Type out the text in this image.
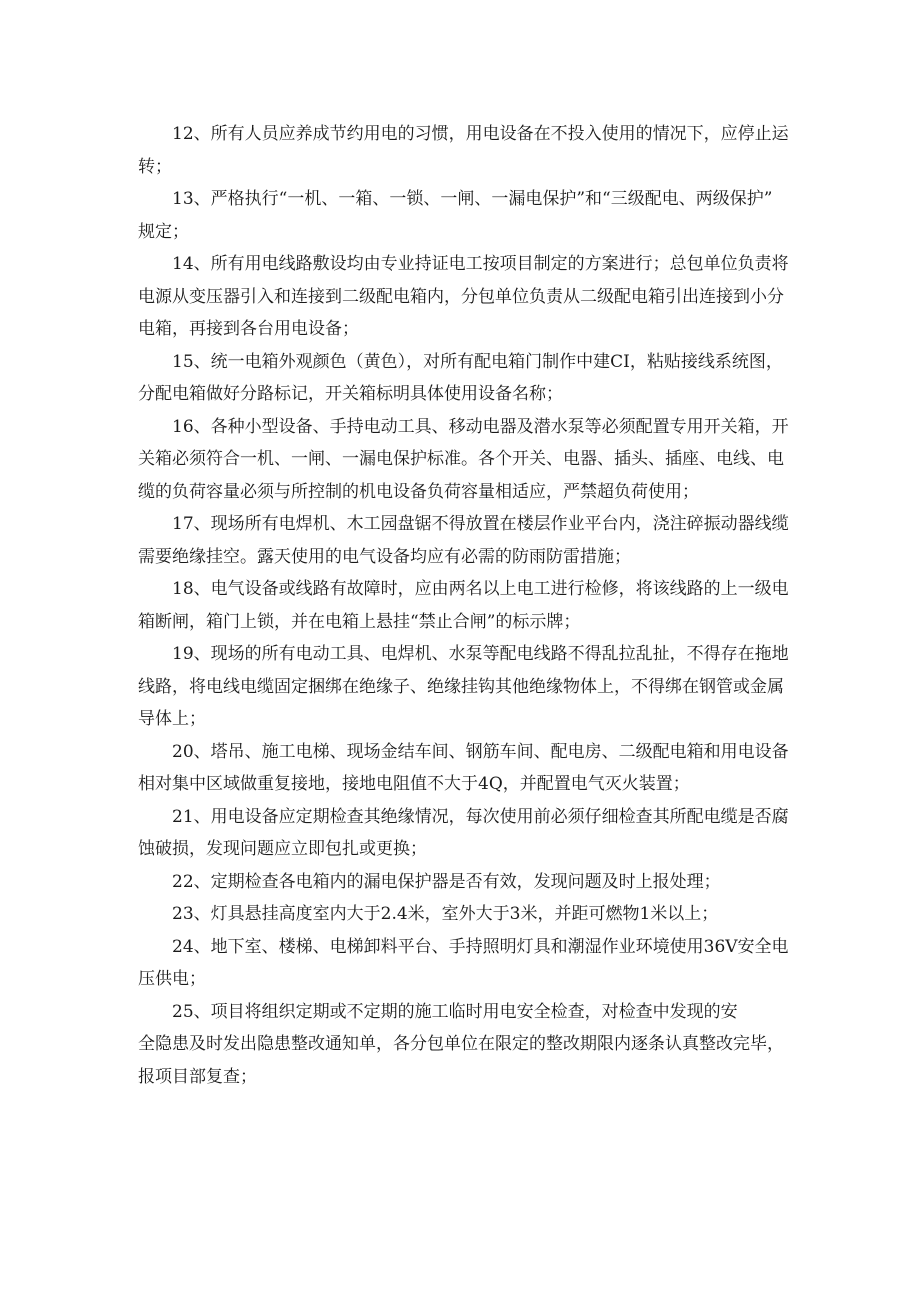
12、所有人员应养成节约用电的习惯，用电设备在不投入使用的情况下，应停止运
转；
13、严格执行“一机、一箱、一锁、一闸、一漏电保护”和“三级配电、两级保护”
规定；
14、所有用电线路敷设均由专业持证电工按项目制定的方案进行；总包单位负责将
电源从变压器引入和连接到二级配电箱内，分包单位负责从二级配电箱引出连接到小分
电箱，再接到各台用电设备；
15、统一电箱外观颜色（黄色），对所有配电箱门制作中建CI，粘贴接线系统图，
分配电箱做好分路标记，开关箱标明具体使用设备名称；
16、各种小型设备、手持电动工具、移动电器及潜水泵等必须配置专用开关箱，开
关箱必须符合一机、一闸、一漏电保护标准。各个开关、电器、插头、插座、电线、电
缆的负荷容量必须与所控制的机电设备负荷容量相适应，严禁超负荷使用；
17、现场所有电焊机、木工园盘锯不得放置在楼层作业平台内，浇注碎振动器线缆
需要绝缘挂空。露天使用的电气设备均应有必需的防雨防雷措施；
18、电气设备或线路有故障时，应由两名以上电工进行检修，将该线路的上一级电
箱断闸，箱门上锁，并在电箱上悬挂“禁止合闸”的标示牌；
19、现场的所有电动工具、电焊机、水泵等配电线路不得乱拉乱扯，不得存在拖地
线路，将电线电缆固定捆绑在绝缘子、绝缘挂钩其他绝缘物体上，不得绑在钢管或金属
导体上；
20、塔吊、施工电梯、现场金结车间、钢筋车间、配电房、二级配电箱和用电设备
相对集中区域做重复接地，接地电阻值不大于4Q，并配置电气灭火装置；
21、用电设备应定期检查其绝缘情况，每次使用前必须仔细检查其所配电缆是否腐
蚀破损，发现问题应立即包扎或更换；
22、定期检查各电箱内的漏电保护器是否有效，发现问题及时上报处理；
23、灯具悬挂高度室内大于2.4米，室外大于3米，并距可燃物1米以上；
24、地下室、楼梯、电梯卸料平台、手持照明灯具和潮湿作业环境使用36V安全电
压供电；
25、项目将组织定期或不定期的施工临时用电安全检查，对检查中发现的安
全隐患及时发出隐患整改通知单，各分包单位在限定的整改期限内逐条认真整改完毕，
报项目部复查；
